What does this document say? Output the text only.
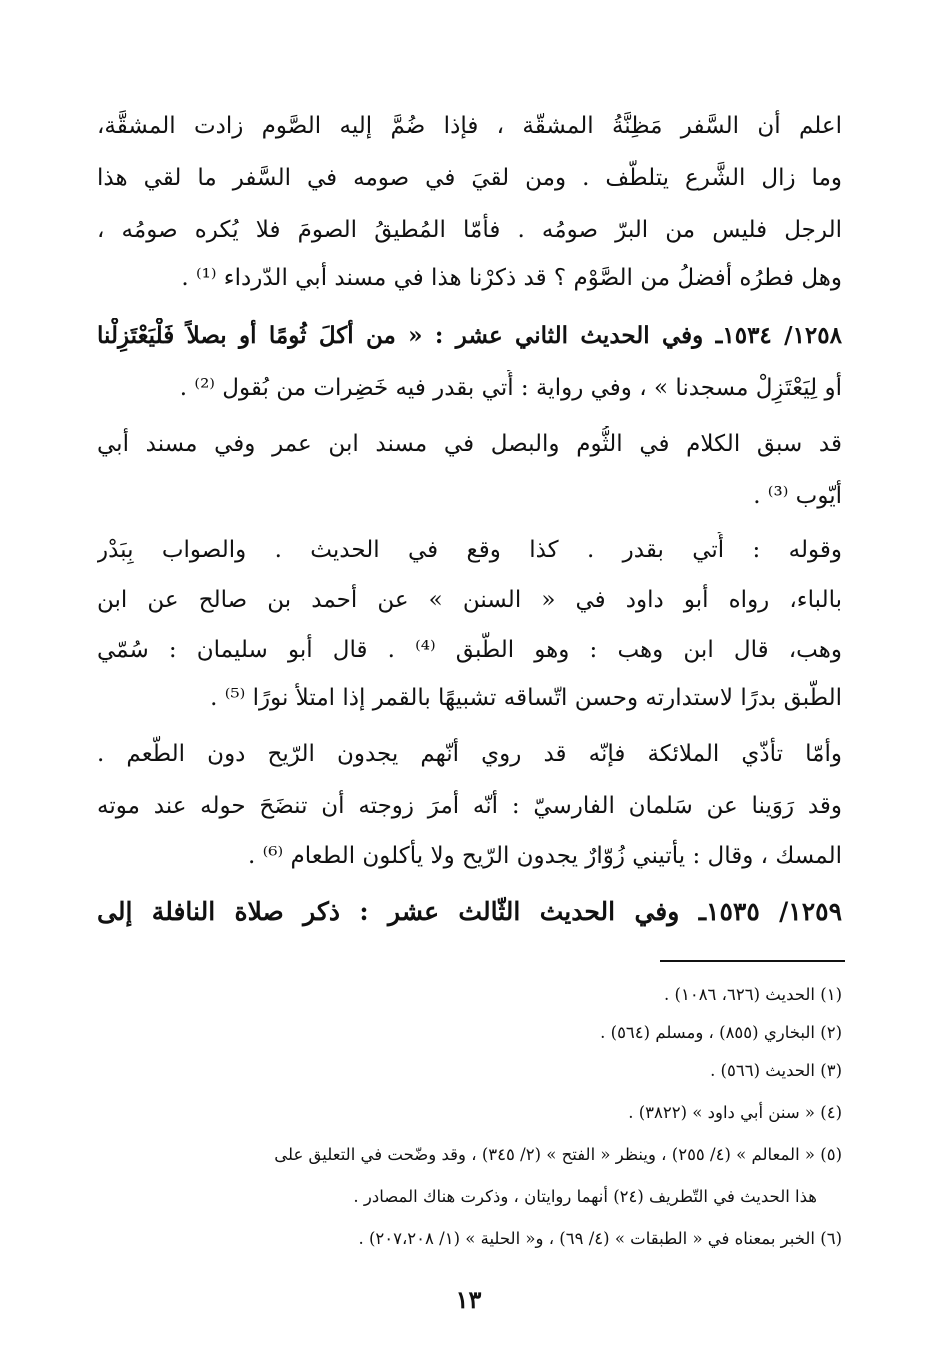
اعلم أن السَّفر مَظِنَّةُ المشقّة ، فإذا ضُمَّ إليه الصَّوم زادت المشقَّة،
وما زال الشَّرع يتلطّف . ومن لقيَ في صومه في السَّفر ما لقي هذا
الرجل فليس من البرّ صومُه . فأمّا المُطيقُ الصومَ فلا يُكره صومُه ،
وهل فطرُه أفضلُ من الصَّوْم ؟ قد ذكرْنا هذا في مسند أبي الدّرداء ⁽¹⁾ .
١٢٥٨/ ١٥٣٤ـ وفي الحديث الثاني عشر : « من أكلَ ثُومًا أو بصلاً فَلْيَعْتَزِلْنا
أو لِيَعْتَزِلْ مسجدنا » ، وفي رواية : أُتي بقدر فيه خَضِرات من بُقول ⁽²⁾ .
قد سبق الكلام في الثُّوم والبصل في مسند ابن عمر وفي مسند أبي
أيّوب ⁽³⁾ .
وقوله : أُتي بقدر . كذا وقع في الحديث . والصواب بِبَدْر
بالباء، رواه أبو داود في « السنن » عن أحمد بن صالح عن ابن
وهب، قال ابن وهب : وهو الطّبق ⁽⁴⁾ . قال أبو سليمان : سُمّي
الطّبق بدرًا لاستدارته وحسن اتّساقه تشبيهًا بالقمر إذا امتلأ نورًا ⁽⁵⁾ .
وأمّا تأذّي الملائكة فإنّه قد روي أنّهم يجدون الرّيح دون الطّعم .
وقد رَوَينا عن سَلمان الفارسيّ : أنّه أمرَ زوجته أن تنضَحَ حوله عند موته
المسك ، وقال : يأتيني زُوّارٌ يجدون الرّيح ولا يأكلون الطعام ⁽⁶⁾ .
١٢٥٩/ ١٥٣٥ـ وفي الحديث الثّالث عشر : ذكر صلاة النافلة إلى
(١) الحديث (٦٢٦، ١٠٨٦) .
(٢) البخاري (٨٥٥) ، ومسلم (٥٦٤) .
(٣) الحديث (٥٦٦) .
(٤) « سنن أبي داود » (٣٨٢٢) .
(٥) « المعالم » (٤/ ٢٥٥) ، وينظر « الفتح » (٢/ ٣٤٥) ، وقد وضّحت في التعليق على
هذا الحديث في التّطريف (٢٤) أنهما روايتان ، وذكرت هناك المصادر .
(٦) الخبر بمعناه في « الطبقات » (٤/ ٦٩) ، و« الحلية » (١/ ٢٠٧،٢٠٨) .
١٣
